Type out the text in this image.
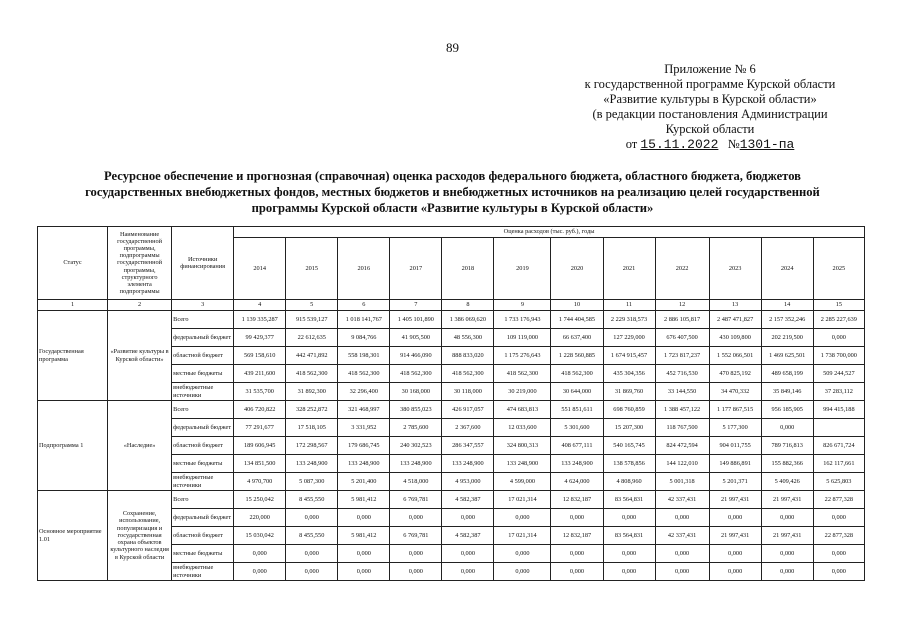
89
Приложение № 6
к государственной программе Курской области
«Развитие культуры в Курской области»
(в редакции постановления Администрации
Курской области
от 15.11.2022 №1301-па
Ресурсное обеспечение и прогнозная (справочная) оценка расходов федерального бюджета, областного бюджета, бюджетов государственных внебюджетных фондов, местных бюджетов и внебюджетных источников на реализацию целей государственной программы Курской области «Развитие культуры в Курской области»
Статус	Наименование государственной программы, подпрограммы государственной программы, структурного элемента подпрограммы	Источники финансирования	Оценка расходов (тыс. руб.), годы											
			2014	2015	2016	2017	2018	2019	2020	2021	2022	2023	2024	2025
1	2	3	4	5	6	7	8	9	10	11	12	13	14	15
Государственная программа	«Развитие культуры в Курской области»	Всего	1 139 335,287	915 539,127	1 018 141,767	1 405 101,890	1 386 069,620	1 733 176,943	1 744 404,585	2 229 318,573	2 886 105,817	2 487 471,827	2 157 352,246	2 285 227,639
		федеральный бюджет	99 429,377	22 612,635	9 084,766	41 905,500	48 556,300	109 119,000	66 637,400	127 229,000	676 407,500	430 109,800	202 219,500	0,000
		областной бюджет	569 158,610	442 471,892	558 198,301	914 466,090	888 833,020	1 175 276,643	1 228 560,885	1 674 915,457	1 723 817,237	1 552 066,501	1 469 625,501	1 738 700,000
		местные бюджеты	439 211,600	418 562,300	418 562,300	418 562,300	418 562,300	418 562,300	418 562,300	435 304,356	452 716,530	470 825,192	489 658,199	509 244,527
		внебюджетные источники	31 535,700	31 892,300	32 296,400	30 168,000	30 118,000	30 219,000	30 644,000	31 869,760	33 144,550	34 470,332	35 849,146	37 283,112
Подпрограмма 1	«Наследие»	Всего	406 720,822	328 252,872	321 468,997	380 855,023	426 917,057	474 683,813	551 851,611	698 760,859	1 388 457,122	1 177 867,515	956 185,905	994 415,188
		федеральный бюджет	77 291,677	17 518,105	3 331,952	2 785,600	2 367,600	12 033,600	5 301,600	15 207,300	118 767,500	5 177,300	0,000	
		областной бюджет	189 606,945	172 298,567	179 686,745	240 302,523	286 347,557	324 800,313	408 677,111	540 165,745	824 472,594	904 011,755	789 716,813	826 671,724
		местные бюджеты	134 851,500	133 248,900	133 248,900	133 248,900	133 248,900	133 248,900	133 248,900	138 578,856	144 122,010	149 886,891	155 882,366	162 117,661
		внебюджетные источники	4 970,700	5 087,300	5 201,400	4 518,000	4 953,000	4 599,000	4 624,000	4 808,960	5 001,318	5 201,371	5 409,426	5 625,803
Основное мероприятие 1.01	Сохранение, использование, популяризация и государственная охрана объектов культурного наследия в Курской области	Всего	15 250,042	8 455,550	5 981,412	6 769,781	4 582,387	17 021,314	12 832,187	83 564,831	42 337,431	21 997,431	21 997,431	22 877,328
		федеральный бюджет	220,000	0,000	0,000	0,000	0,000	0,000	0,000	0,000	0,000	0,000	0,000	0,000
		областной бюджет	15 030,042	8 455,550	5 981,412	6 769,781	4 582,387	17 021,314	12 832,187	83 564,831	42 337,431	21 997,431	21 997,431	22 877,328
		местные бюджеты	0,000	0,000	0,000	0,000	0,000	0,000	0,000	0,000	0,000	0,000	0,000	0,000
		внебюджетные источники	0,000	0,000	0,000	0,000	0,000	0,000	0,000	0,000	0,000	0,000	0,000	0,000
